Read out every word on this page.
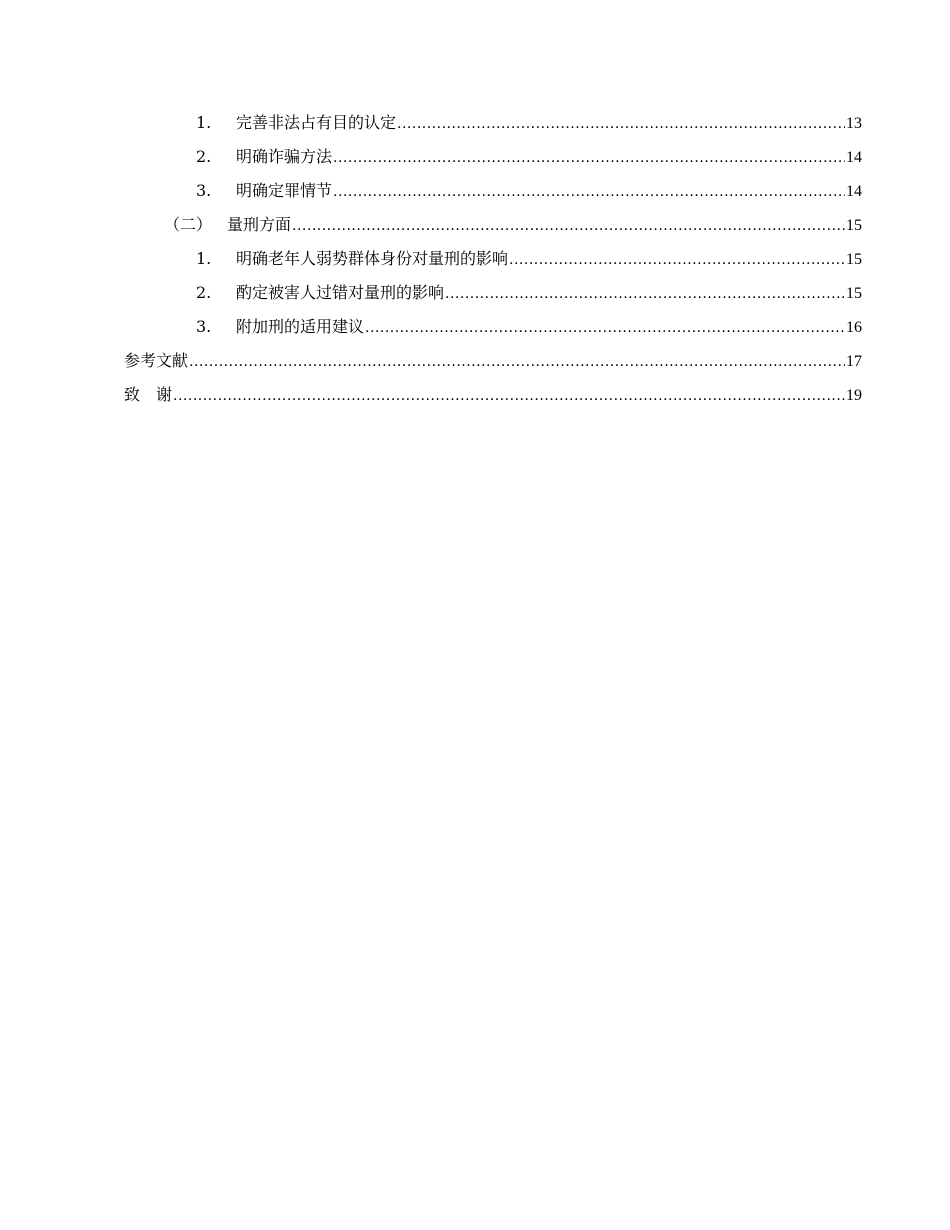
1.	完善非法占有目的认定 .....	13
2.	明确诈骗方法 .....	14
3.	明确定罪情节 .....	14
（二） 量刑方面 .....	15
1.	明确老年人弱势群体身份对量刑的影响 .....	15
2.	酌定被害人过错对量刑的影响 .....	15
3.	附加刑的适用建议 .....	16
参考文献 .....	17
致　谢 .....	19
